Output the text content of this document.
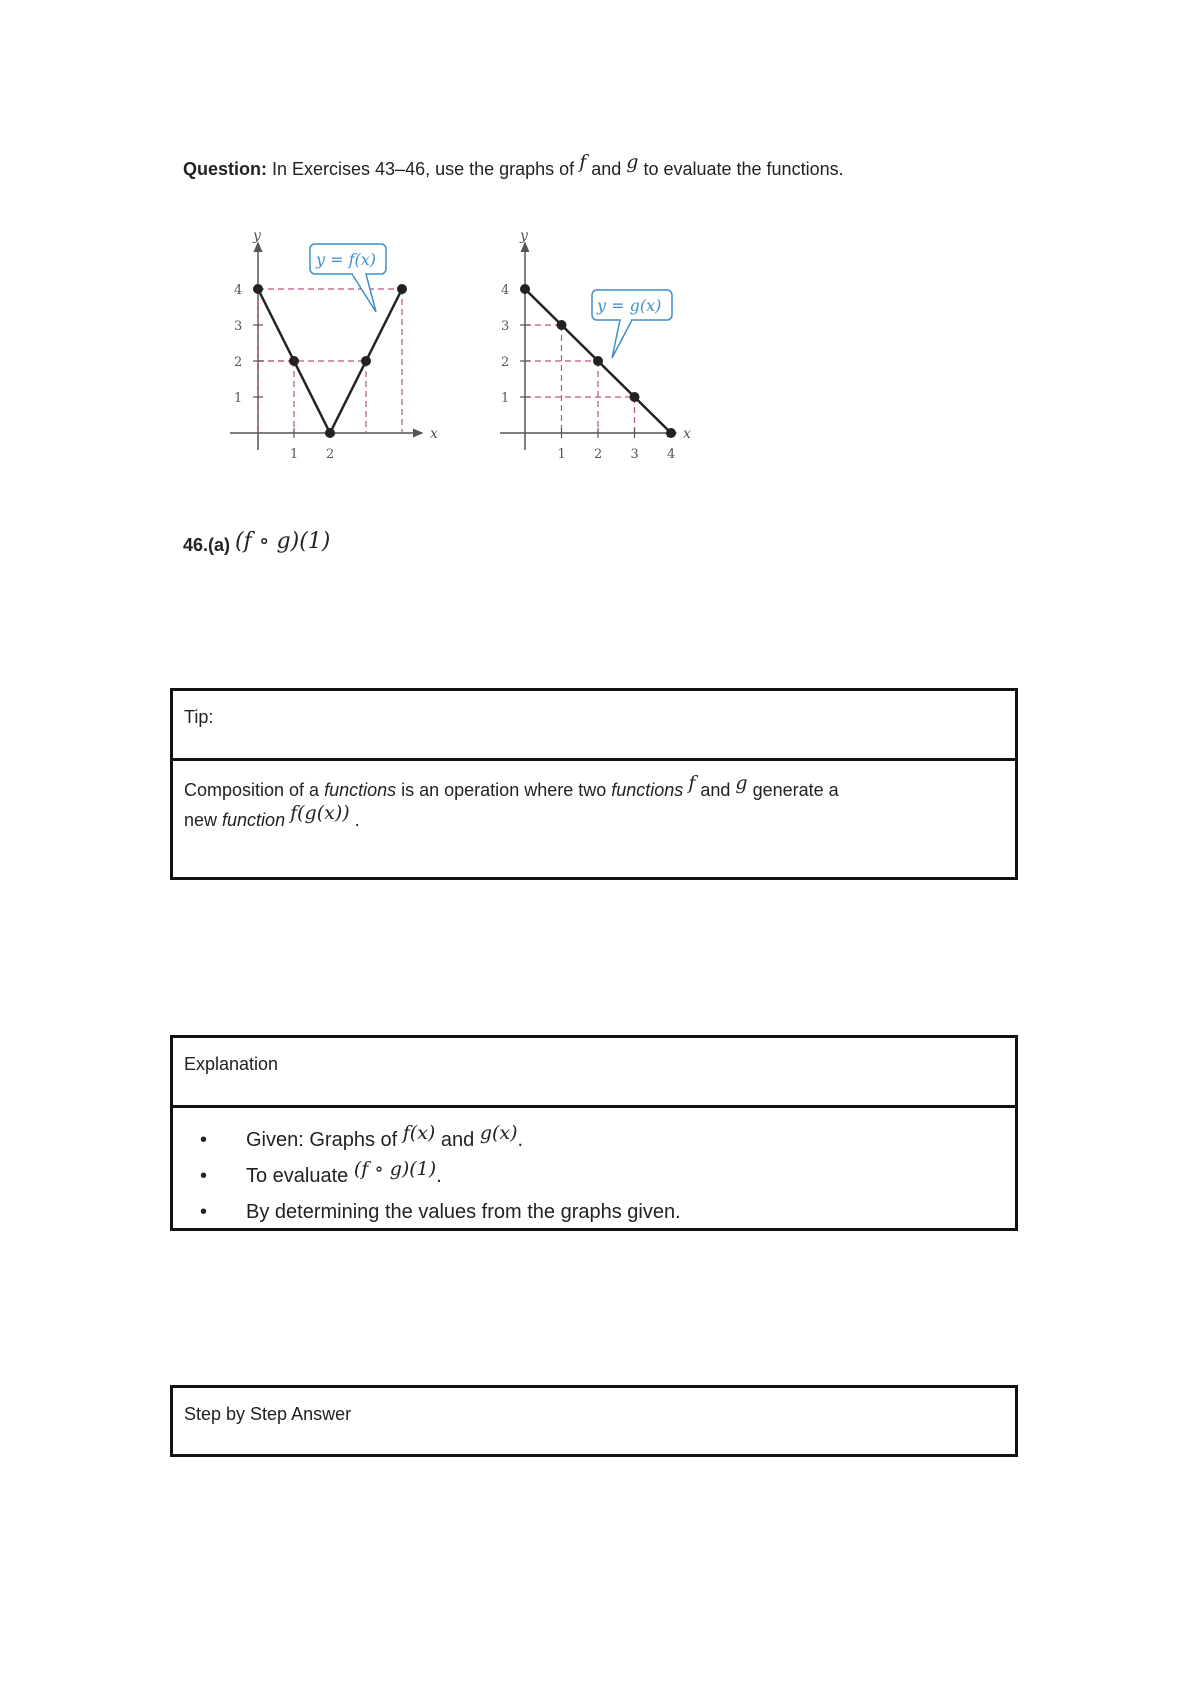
Question: In Exercises 43–46, use the graphs of f and g to evaluate the functions.
y
x
1
2
3
4
1 2
y = f(x)
y
x
1
2
3
4
1 2 3 4
y = g(x)
46.(a) (f ∘ g)(1)
Tip:
Composition of a functions is an operation where two functions f and g generate a
new function f(g(x)) .
Explanation
• Given: Graphs of f(x) and g(x).
• To evaluate (f ∘ g)(1).
• By determining the values from the graphs given.
Step by Step Answer
